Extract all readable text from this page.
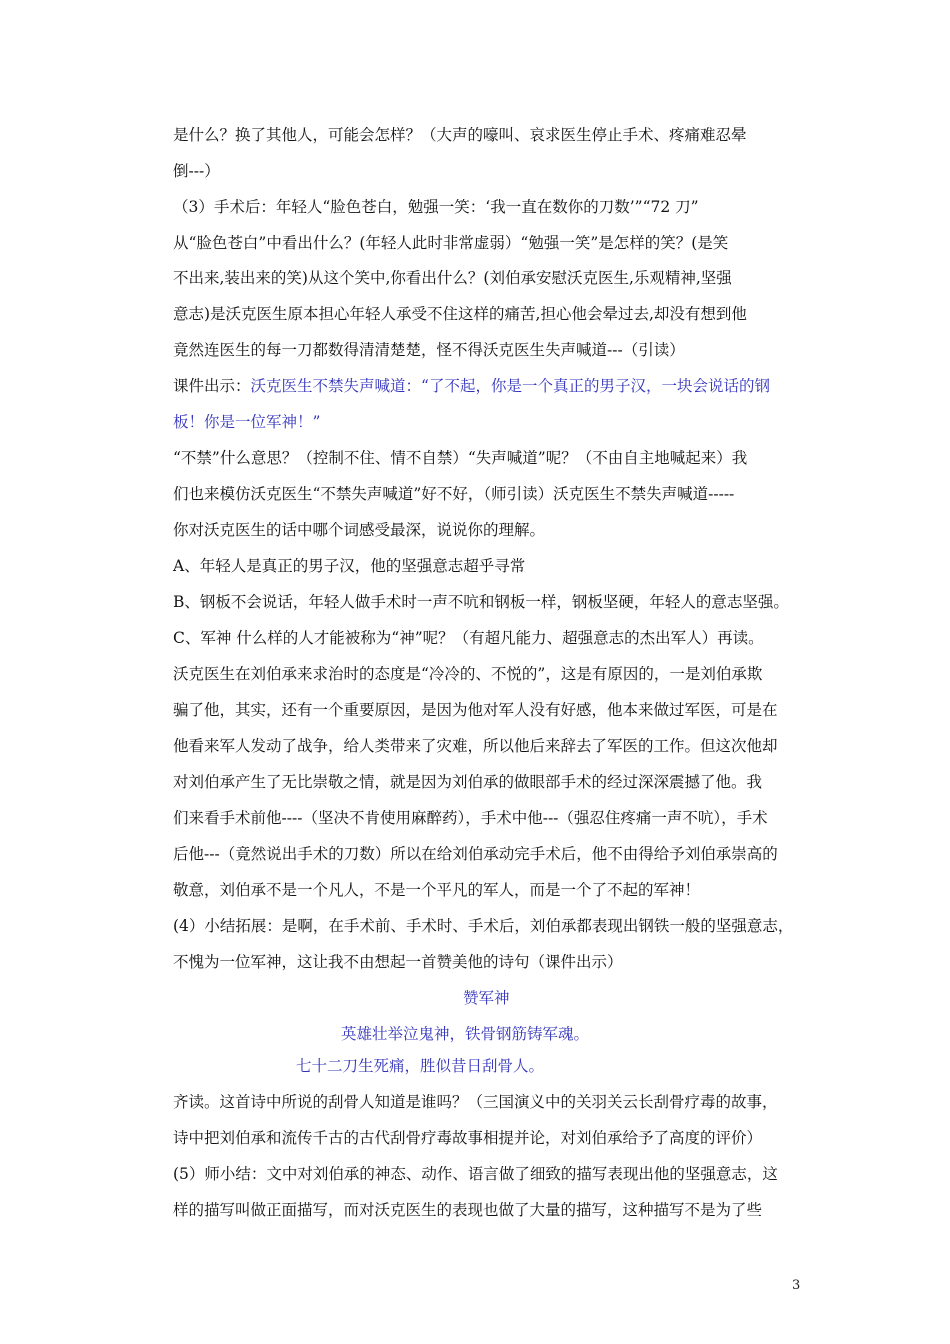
是什么？换了其他人，可能会怎样？（大声的嚎叫、哀求医生停止手术、疼痛难忍晕
倒---）
（3）手术后：年轻人“脸色苍白，勉强一笑：‘我一直在数你的刀数’”“72 刀”
从“脸色苍白”中看出什么？(年轻人此时非常虚弱）“勉强一笑”是怎样的笑？(是笑
不出来,装出来的笑)从这个笑中,你看出什么？(刘伯承安慰沃克医生,乐观精神,坚强
意志)是沃克医生原本担心年轻人承受不住这样的痛苦,担心他会晕过去,却没有想到他
竟然连医生的每一刀都数得清清楚楚，怪不得沃克医生失声喊道---（引读）
课件出示：沃克医生不禁失声喊道：“了不起，你是一个真正的男子汉，一块会说话的钢
板！你是一位军神！”
“不禁”什么意思？（控制不住、情不自禁）“失声喊道”呢？（不由自主地喊起来）我
们也来模仿沃克医生“不禁失声喊道”好不好，（师引读）沃克医生不禁失声喊道-----
你对沃克医生的话中哪个词感受最深，说说你的理解。
A、年轻人是真正的男子汉，他的坚强意志超乎寻常
B、钢板不会说话，年轻人做手术时一声不吭和钢板一样，钢板坚硬，年轻人的意志坚强。
C、军神 什么样的人才能被称为“神”呢？（有超凡能力、超强意志的杰出军人）再读。
沃克医生在刘伯承来求治时的态度是“冷冷的、不悦的”，这是有原因的，一是刘伯承欺
骗了他，其实，还有一个重要原因，是因为他对军人没有好感，他本来做过军医，可是在
他看来军人发动了战争，给人类带来了灾难，所以他后来辞去了军医的工作。但这次他却
对刘伯承产生了无比崇敬之情，就是因为刘伯承的做眼部手术的经过深深震撼了他。我
们来看手术前他----（坚决不肯使用麻醉药），手术中他---（强忍住疼痛一声不吭），手术
后他---（竟然说出手术的刀数）所以在给刘伯承动完手术后，他不由得给予刘伯承崇高的
敬意，刘伯承不是一个凡人，不是一个平凡的军人，而是一个了不起的军神！
(4）小结拓展：是啊，在手术前、手术时、手术后，刘伯承都表现出钢铁一般的坚强意志，
不愧为一位军神，这让我不由想起一首赞美他的诗句（课件出示）
赞军神
英雄壮举泣鬼神，铁骨钢筋铸军魂。
七十二刀生死痛，胜似昔日刮骨人。
齐读。这首诗中所说的刮骨人知道是谁吗？（三国演义中的关羽关云长刮骨疗毒的故事，
诗中把刘伯承和流传千古的古代刮骨疗毒故事相提并论，对刘伯承给予了高度的评价）
(5）师小结：文中对刘伯承的神态、动作、语言做了细致的描写表现出他的坚强意志，这
样的描写叫做正面描写，而对沃克医生的表现也做了大量的描写，这种描写不是为了些
3
